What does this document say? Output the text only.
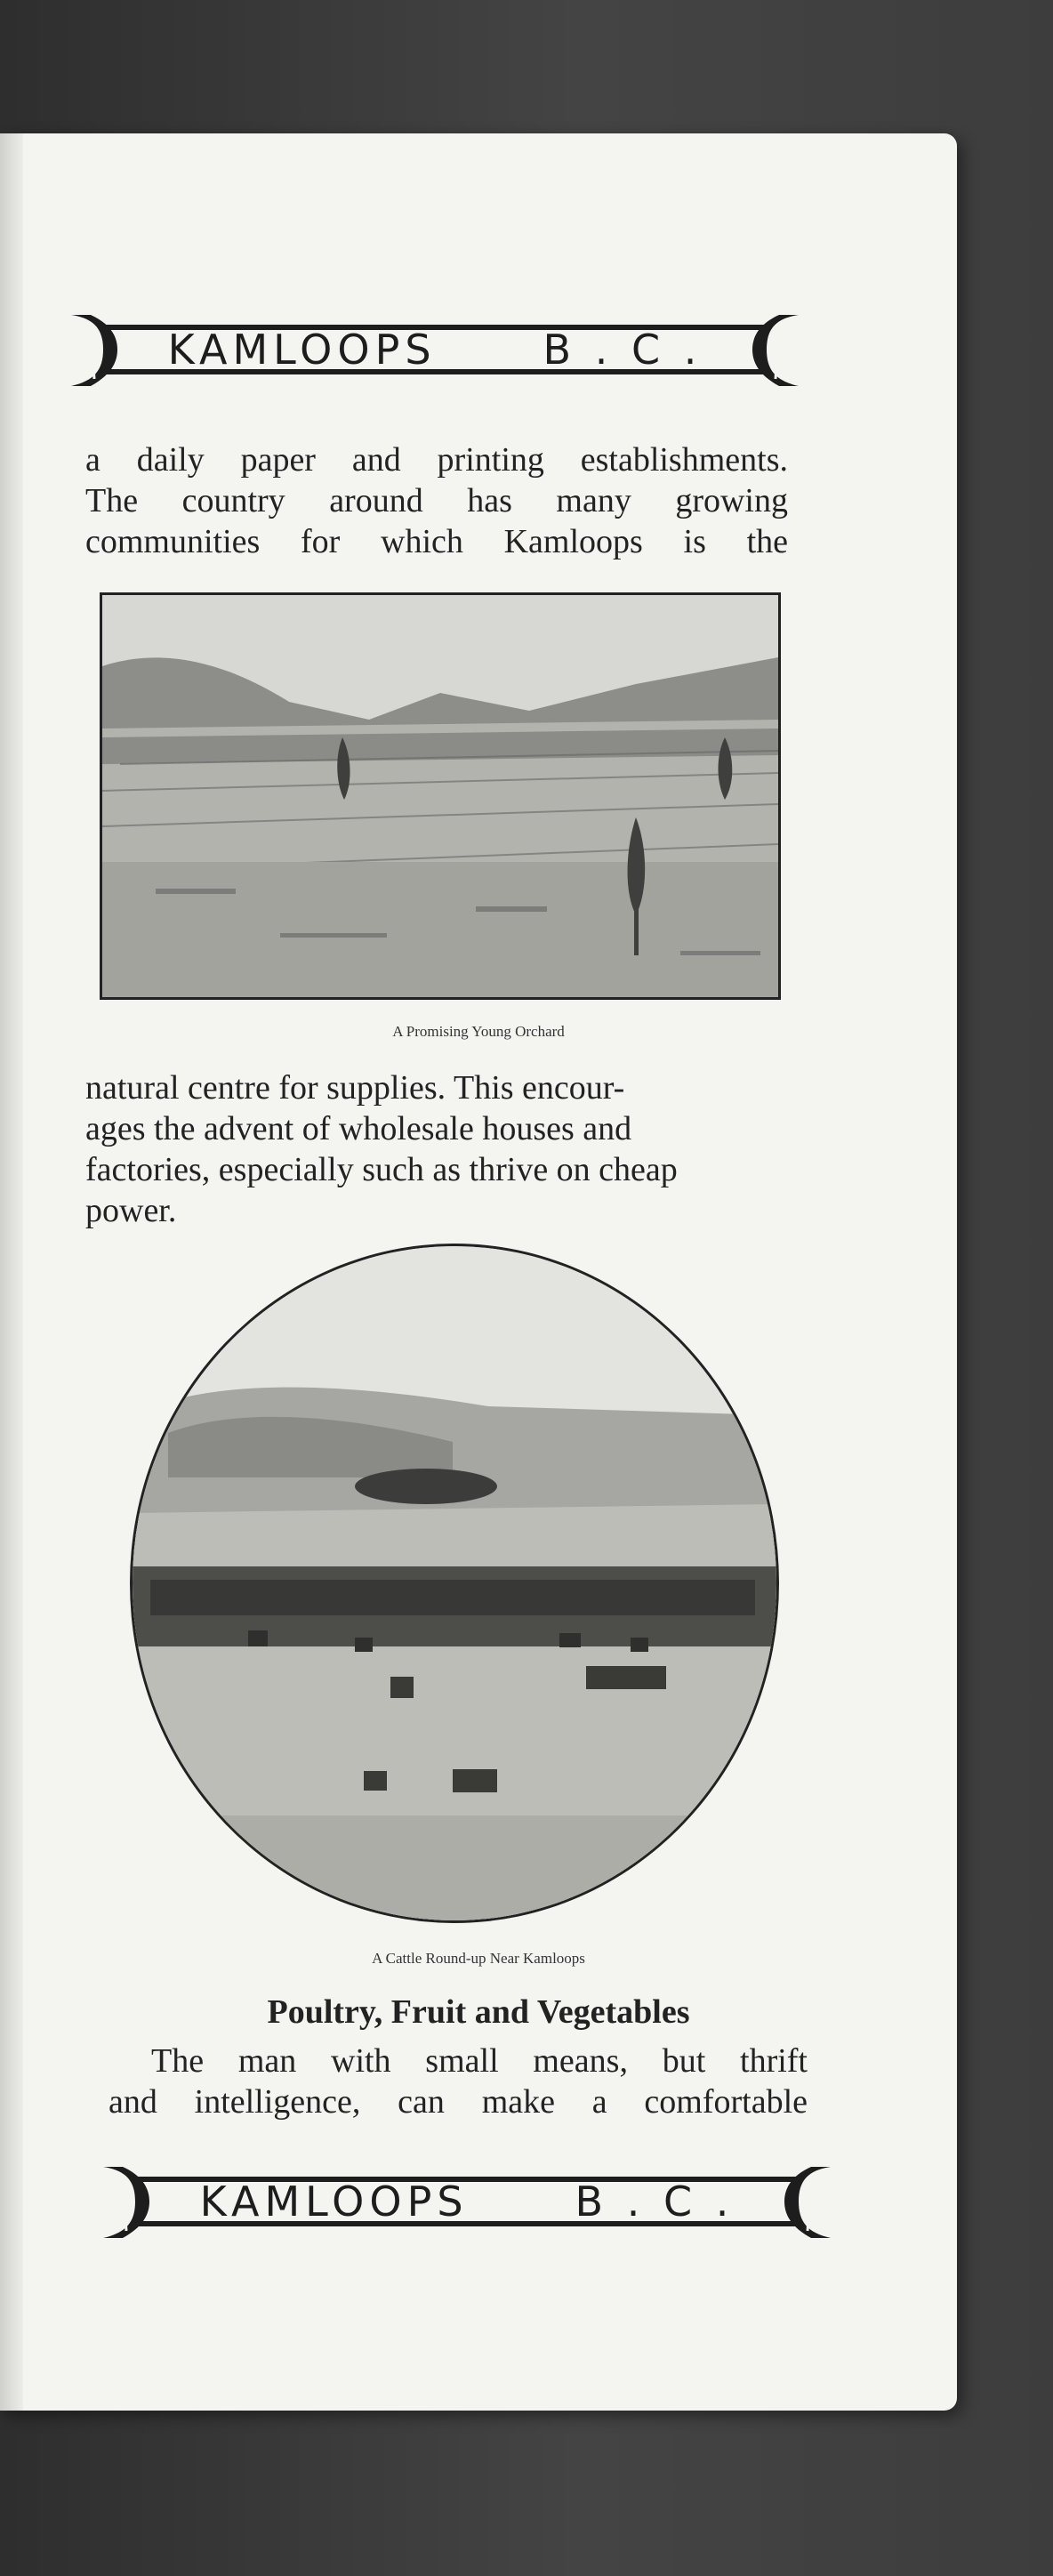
KAMLOOPS	B . C .
a daily paper and printing establishments.
The country around has many growing
communities for which Kamloops is the
A Promising Young Orchard
natural centre for supplies. This encour-
ages the advent of wholesale houses and
factories, especially such as thrive on cheap
power.
A Cattle Round-up Near Kamloops
Poultry, Fruit and Vegetables
The man with small means, but thrift
and intelligence, can make a comfortable
KAMLOOPS	B . C .
